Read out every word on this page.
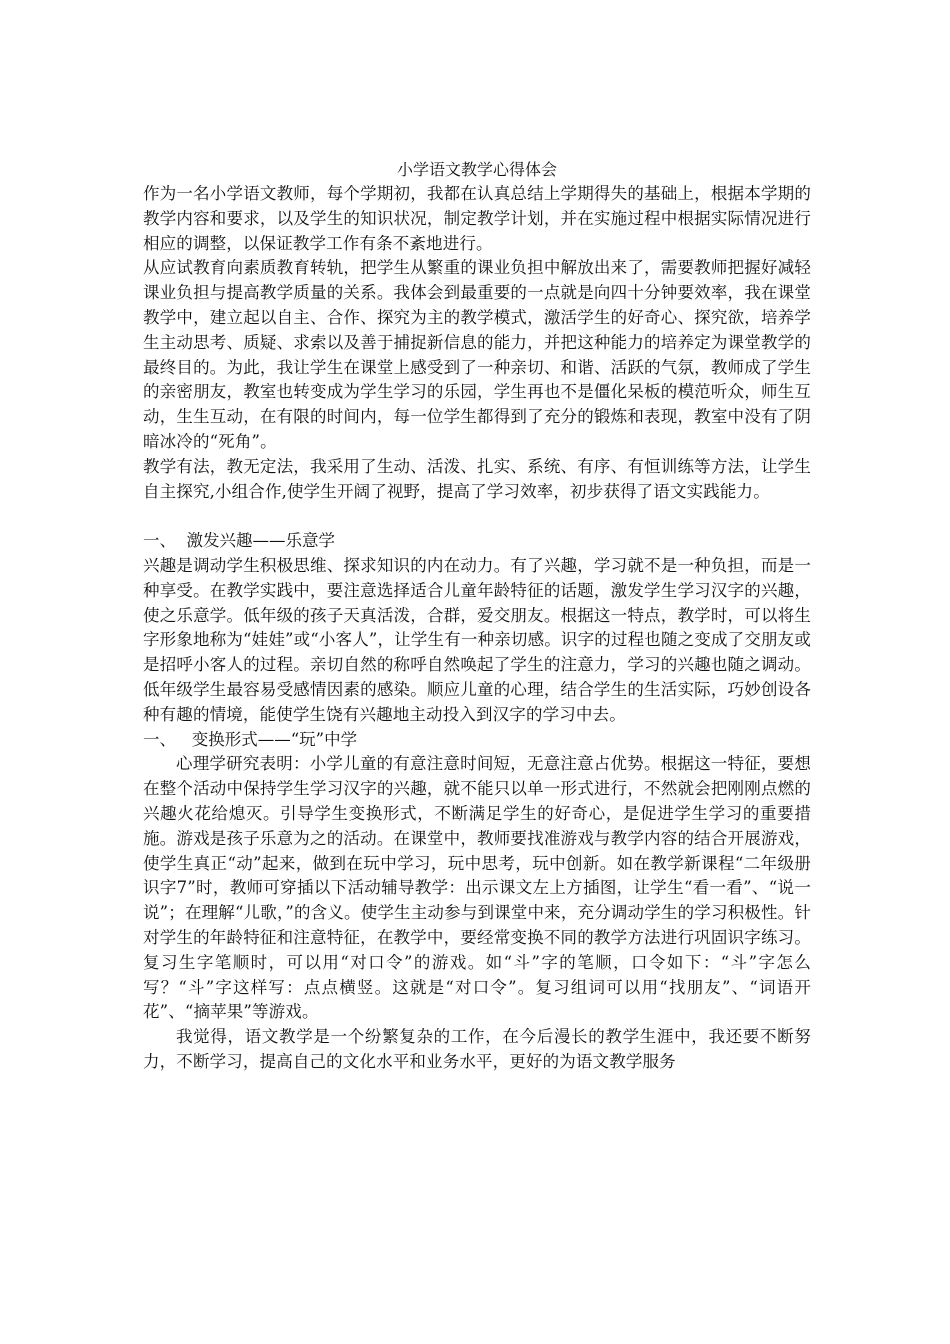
小学语文教学心得体会

作为一名小学语文教师，每个学期初，我都在认真总结上学期得失的基础上，根据本学期的教学内容和要求，以及学生的知识状况，制定教学计划，并在实施过程中根据实际情况进行相应的调整，以保证教学工作有条不紊地进行。

从应试教育向素质教育转轨，把学生从繁重的课业负担中解放出来了，需要教师把握好减轻课业负担与提高教学质量的关系。我体会到最重要的一点就是向四十分钟要效率，我在课堂教学中，建立起以自主、合作、探究为主的教学模式，激活学生的好奇心、探究欲，培养学生主动思考、质疑、求索以及善于捕捉新信息的能力，并把这种能力的培养定为课堂教学的最终目的。为此，我让学生在课堂上感受到了一种亲切、和谐、活跃的气氛，教师成了学生的亲密朋友，教室也转变成为学生学习的乐园，学生再也不是僵化呆板的模范听众，师生互动，生生互动，在有限的时间内，每一位学生都得到了充分的锻炼和表现，教室中没有了阴暗冰冷的“死角”。

教学有法，教无定法，我采用了生动、活泼、扎实、系统、有序、有恒训练等方法，让学生自主探究,小组合作,使学生开阔了视野，提高了学习效率，初步获得了语文实践能力。

一、  激发兴趣——乐意学

兴趣是调动学生积极思维、探求知识的内在动力。有了兴趣，学习就不是一种负担，而是一种享受。在教学实践中，要注意选择适合儿童年龄特征的话题，激发学生学习汉字的兴趣，使之乐意学。低年级的孩子天真活泼，合群，爱交朋友。根据这一特点，教学时，可以将生字形象地称为“娃娃”或“小客人”，让学生有一种亲切感。识字的过程也随之变成了交朋友或是招呼小客人的过程。亲切自然的称呼自然唤起了学生的注意力，学习的兴趣也随之调动。低年级学生最容易受感情因素的感染。顺应儿童的心理，结合学生的生活实际，巧妙创设各种有趣的情境，能使学生饶有兴趣地主动投入到汉字的学习中去。

一、   变换形式——“玩”中学

心理学研究表明：小学儿童的有意注意时间短，无意注意占优势。根据这一特征，要想在整个活动中保持学生学习汉字的兴趣，就不能只以单一形式进行，不然就会把刚刚点燃的兴趣火花给熄灭。引导学生变换形式，不断满足学生的好奇心，是促进学生学习的重要措施。游戏是孩子乐意为之的活动。在课堂中，教师要找准游戏与教学内容的结合开展游戏，使学生真正“动”起来，做到在玩中学习，玩中思考，玩中创新。如在教学新课程“二年级册识字7”时，教师可穿插以下活动辅导教学：出示课文左上方插图，让学生“看一看”、“说一说”；在理解“儿歌，”的含义。使学生主动参与到课堂中来，充分调动学生的学习积极性。针对学生的年龄特征和注意特征，在教学中，要经常变换不同的教学方法进行巩固识字练习。复习生字笔顺时，可以用“对口令”的游戏。如“斗”字的笔顺，口令如下：“斗”字怎么写？“斗”字这样写：点点横竖。这就是“对口令”。复习组词可以用“找朋友”、“词语开花”、“摘苹果”等游戏。

我觉得，语文教学是一个纷繁复杂的工作，在今后漫长的教学生涯中，我还要不断努力，不断学习，提高自己的文化水平和业务水平，更好的为语文教学服务
